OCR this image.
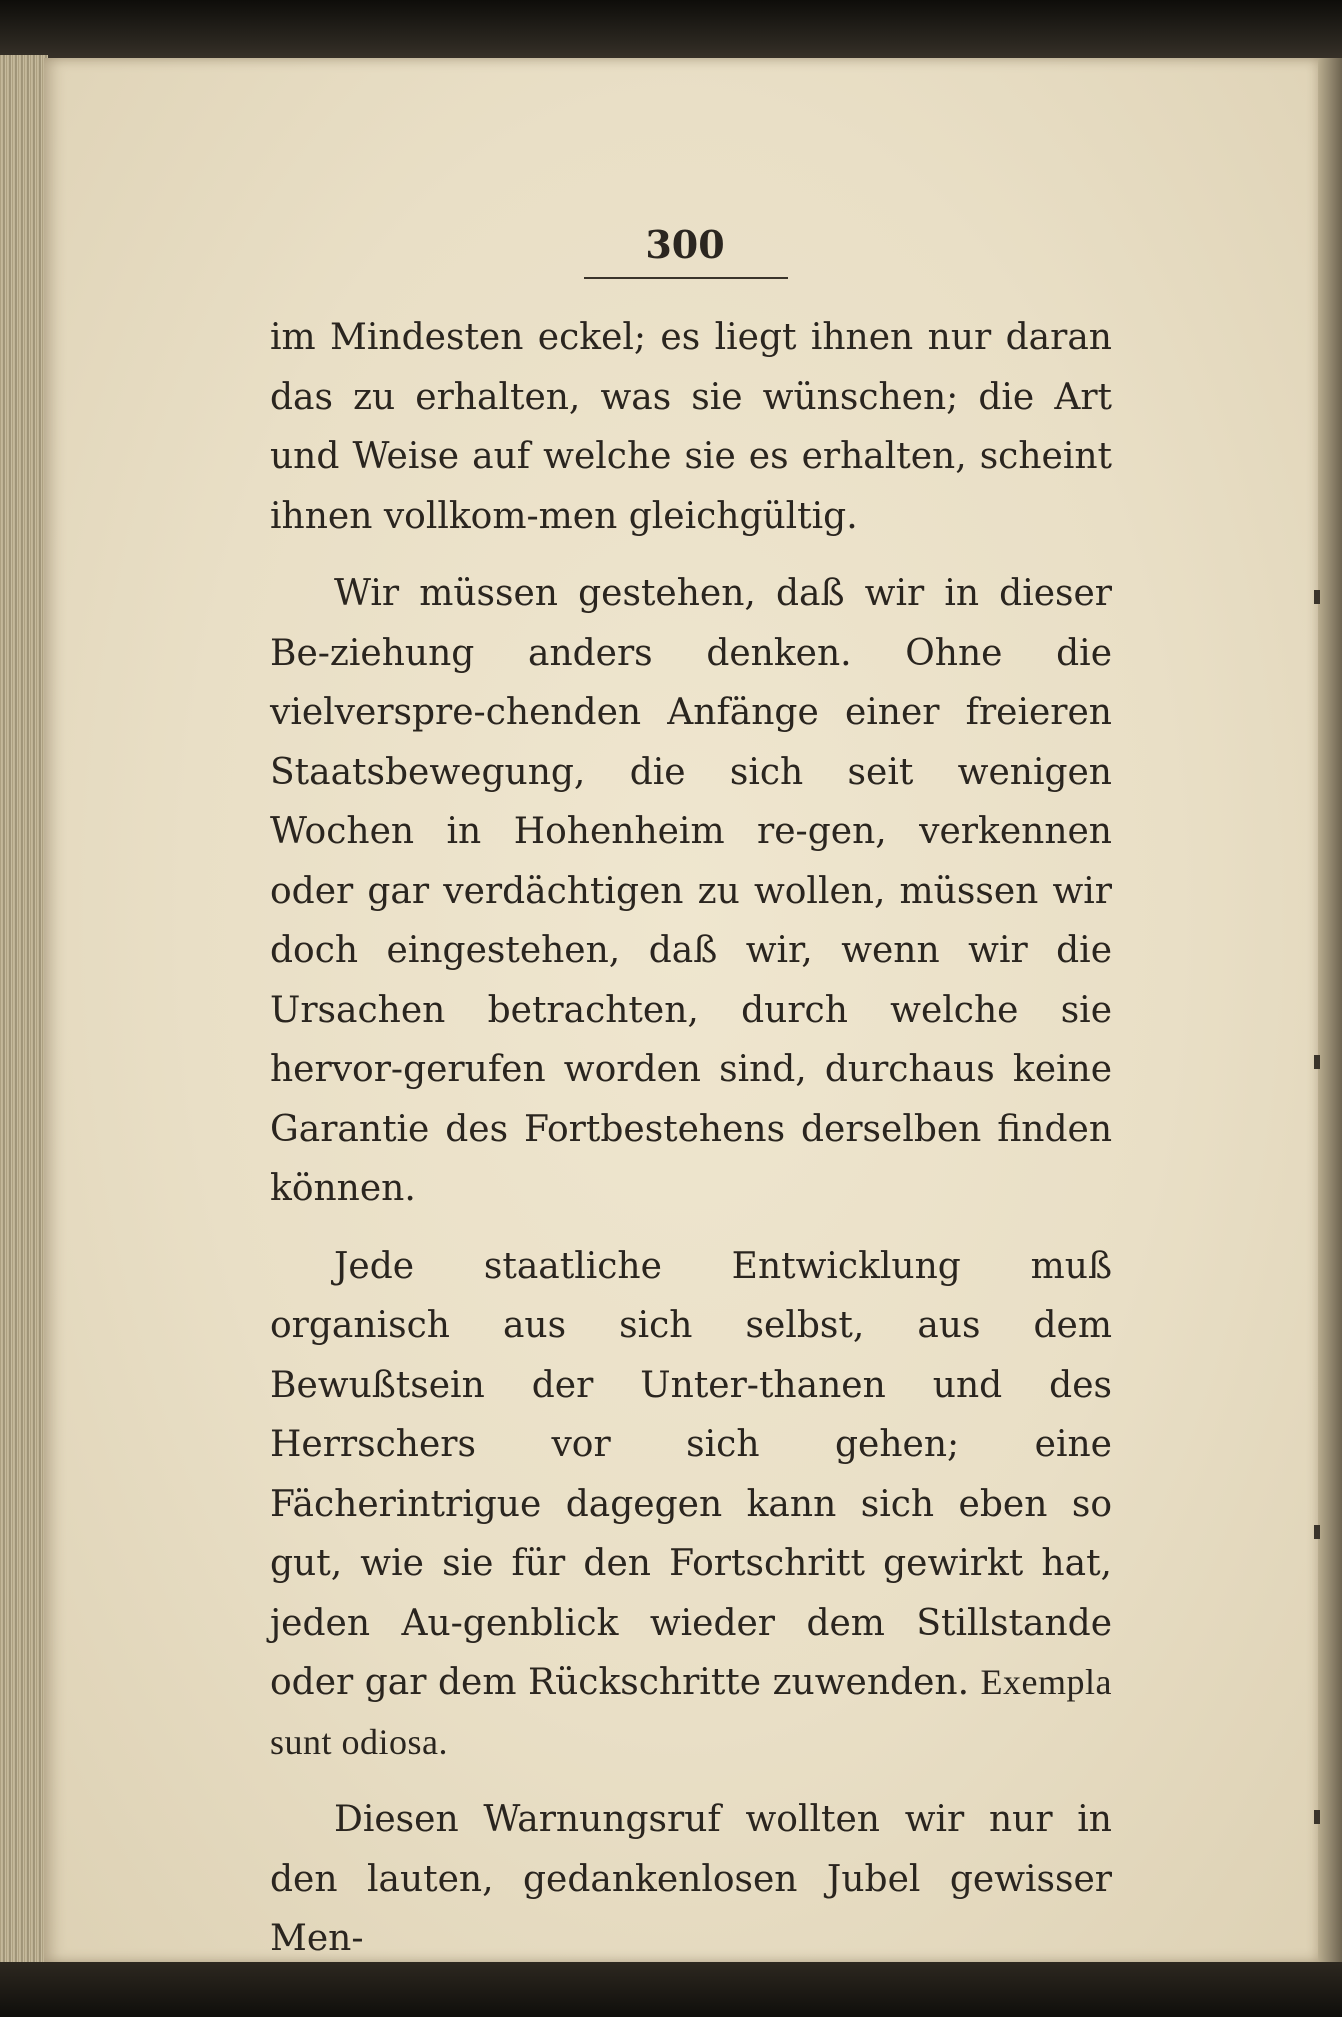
300

im Mindesten eckel; es liegt ihnen nur daran das zu erhalten, was sie wünschen; die Art und Weise auf welche sie es erhalten, scheint ihnen vollkom-men gleichgültig.

Wir müssen gestehen, daß wir in dieser Be-ziehung anders denken. Ohne die vielverspre-chenden Anfänge einer freieren Staatsbewegung, die sich seit wenigen Wochen in Hohenheim re-gen, verkennen oder gar verdächtigen zu wollen, müssen wir doch eingestehen, daß wir, wenn wir die Ursachen betrachten, durch welche sie hervor-gerufen worden sind, durchaus keine Garantie des Fortbestehens derselben finden können.

Jede staatliche Entwicklung muß organisch aus sich selbst, aus dem Bewußtsein der Unter-thanen und des Herrschers vor sich gehen; eine Fächerintrigue dagegen kann sich eben so gut, wie sie für den Fortschritt gewirkt hat, jeden Au-genblick wieder dem Stillstande oder gar dem Rückschritte zuwenden. Exempla sunt odiosa.

Diesen Warnungsruf wollten wir nur in den lauten, gedankenlosen Jubel gewisser Men-
